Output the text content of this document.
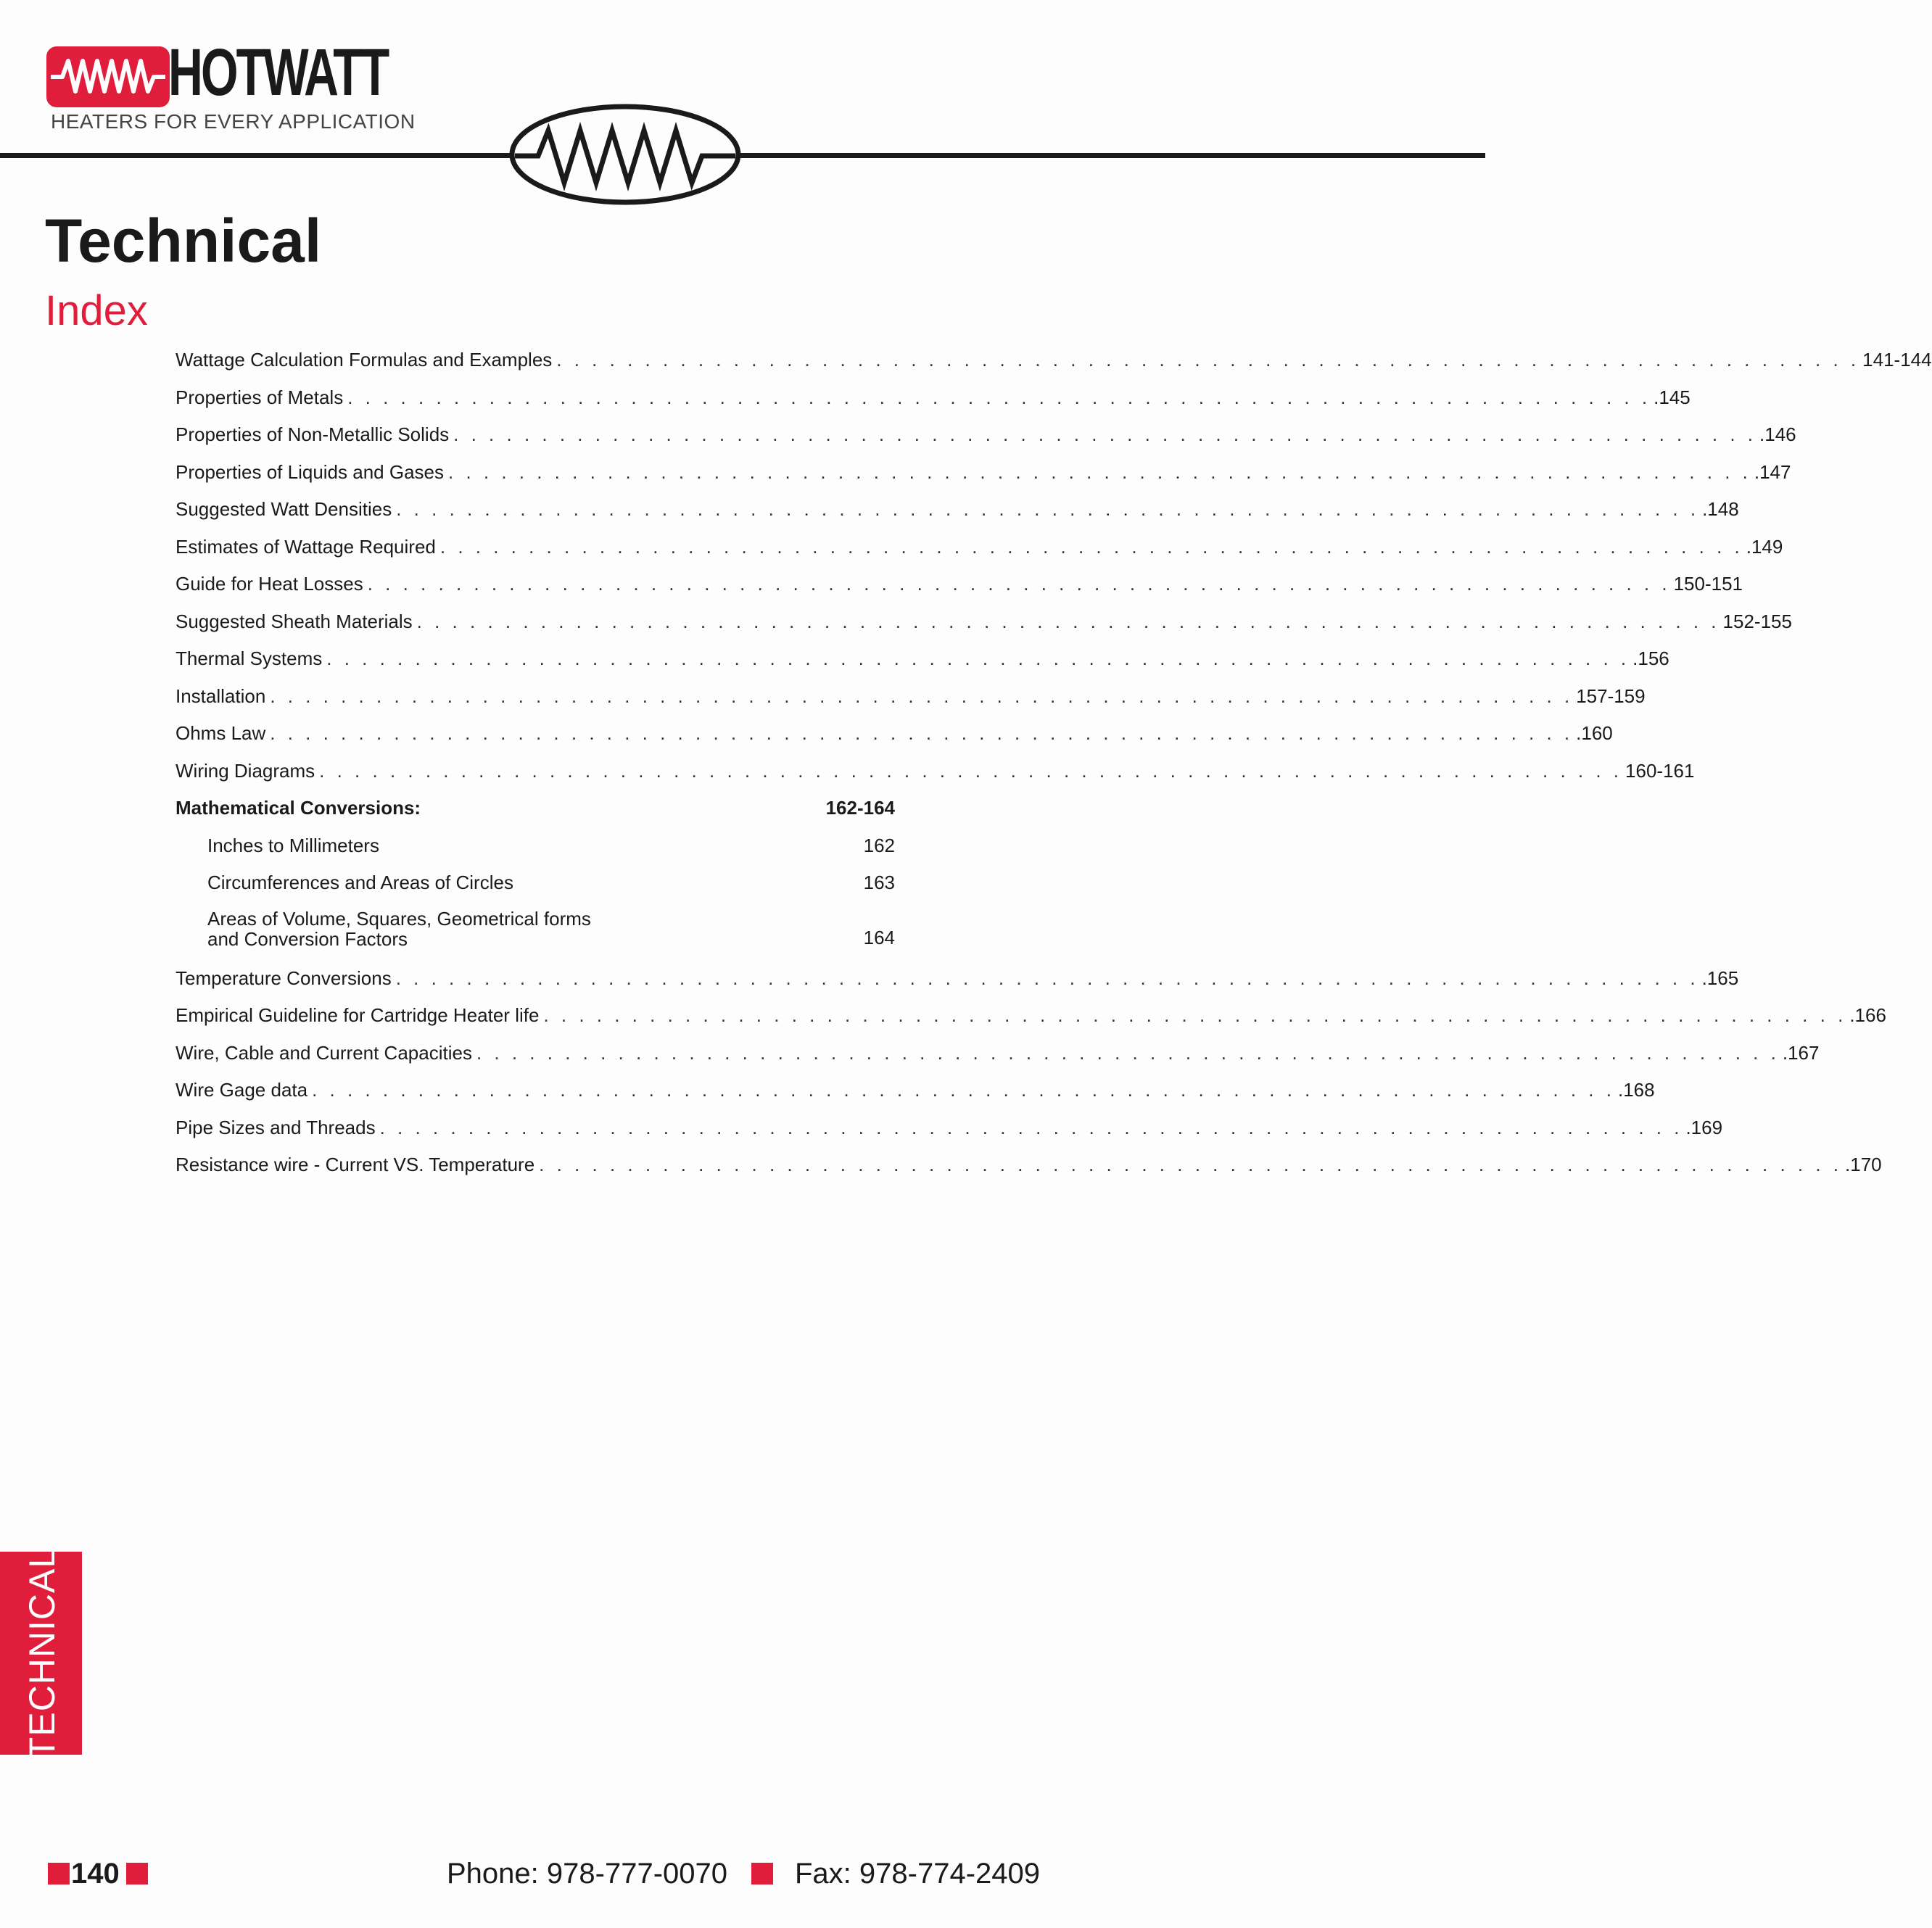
HOTWATT
HEATERS FOR EVERY APPLICATION
Technical
Index
Wattage Calculation Formulas and Examples . . . . . . . . . . . . . . . . . . . . . . . . . . . . . . . . . . . . . . . . . . . . . . . . . . . . . . . . . . . . . . . . . . . . . . . . . . 141-144
Properties of Metals . . . . . . . . . . . . . . . . . . . . . . . . . . . . . . . . . . . . . . . . . . . . . . . . . . . . . . . . . . . . . . . . . . . . . . . . . . .145
Properties of Non-Metallic Solids . . . . . . . . . . . . . . . . . . . . . . . . . . . . . . . . . . . . . . . . . . . . . . . . . . . . . . . . . . . . . . . . . . . . . . . . . . .146
Properties of Liquids and Gases . . . . . . . . . . . . . . . . . . . . . . . . . . . . . . . . . . . . . . . . . . . . . . . . . . . . . . . . . . . . . . . . . . . . . . . . . . .147
Suggested Watt Densities . . . . . . . . . . . . . . . . . . . . . . . . . . . . . . . . . . . . . . . . . . . . . . . . . . . . . . . . . . . . . . . . . . . . . . . . . . .148
Estimates of Wattage Required . . . . . . . . . . . . . . . . . . . . . . . . . . . . . . . . . . . . . . . . . . . . . . . . . . . . . . . . . . . . . . . . . . . . . . . . . . .149
Guide for Heat Losses . . . . . . . . . . . . . . . . . . . . . . . . . . . . . . . . . . . . . . . . . . . . . . . . . . . . . . . . . . . . . . . . . . . . . . . . . . 150-151
Suggested Sheath Materials . . . . . . . . . . . . . . . . . . . . . . . . . . . . . . . . . . . . . . . . . . . . . . . . . . . . . . . . . . . . . . . . . . . . . . . . . . 152-155
Thermal Systems . . . . . . . . . . . . . . . . . . . . . . . . . . . . . . . . . . . . . . . . . . . . . . . . . . . . . . . . . . . . . . . . . . . . . . . . . . .156
Installation . . . . . . . . . . . . . . . . . . . . . . . . . . . . . . . . . . . . . . . . . . . . . . . . . . . . . . . . . . . . . . . . . . . . . . . . . . 157-159
Ohms Law . . . . . . . . . . . . . . . . . . . . . . . . . . . . . . . . . . . . . . . . . . . . . . . . . . . . . . . . . . . . . . . . . . . . . . . . . . .160
Wiring Diagrams . . . . . . . . . . . . . . . . . . . . . . . . . . . . . . . . . . . . . . . . . . . . . . . . . . . . . . . . . . . . . . . . . . . . . . . . . . 160-161
Mathematical Conversions:	162-164
Inches to Millimeters	162
Circumferences and Areas of Circles	163
Areas of Volume, Squares, Geometrical forms and Conversion Factors	164
Temperature Conversions . . . . . . . . . . . . . . . . . . . . . . . . . . . . . . . . . . . . . . . . . . . . . . . . . . . . . . . . . . . . . . . . . . . . . . . . . . .165
Empirical Guideline for Cartridge Heater life . . . . . . . . . . . . . . . . . . . . . . . . . . . . . . . . . . . . . . . . . . . . . . . . . . . . . . . . . . . . . . . . . . . . . . . . . . .166
Wire, Cable and Current Capacities . . . . . . . . . . . . . . . . . . . . . . . . . . . . . . . . . . . . . . . . . . . . . . . . . . . . . . . . . . . . . . . . . . . . . . . . . . .167
Wire Gage data . . . . . . . . . . . . . . . . . . . . . . . . . . . . . . . . . . . . . . . . . . . . . . . . . . . . . . . . . . . . . . . . . . . . . . . . . . .168
Pipe Sizes and Threads . . . . . . . . . . . . . . . . . . . . . . . . . . . . . . . . . . . . . . . . . . . . . . . . . . . . . . . . . . . . . . . . . . . . . . . . . . .169
Resistance wire - Current VS. Temperature . . . . . . . . . . . . . . . . . . . . . . . . . . . . . . . . . . . . . . . . . . . . . . . . . . . . . . . . . . . . . . . . . . . . . . . . . . .170
TECHNICAL
140	Phone: 978-777-0070 Fax: 978-774-2409
